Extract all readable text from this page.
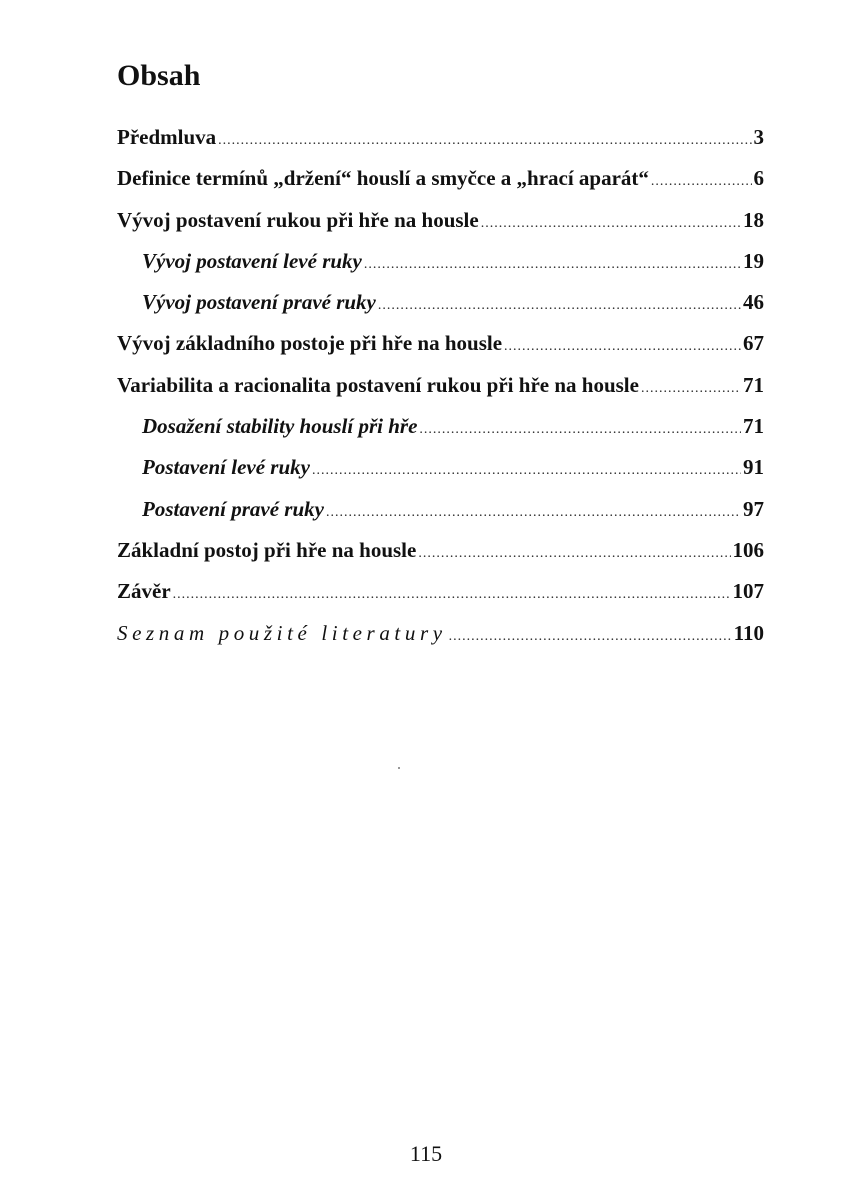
Obsah
Předmluva .....	3
Definice termínů „držení“ houslí a smyčce a „hrací aparát“ .....	6
Vývoj postavení rukou při hře na housle .....	18
Vývoj postavení levé ruky .....	19
Vývoj postavení pravé ruky .....	46
Vývoj základního postoje při hře na housle .....	67
Variabilita a racionalita postavení rukou při hře na housle .....	71
Dosažení stability houslí při hře .....	71
Postavení levé ruky .....	91
Postavení pravé ruky .....	97
Základní postoj při hře na housle .....	106
Závěr .....	107
Seznam použité literatury .....	110
115
